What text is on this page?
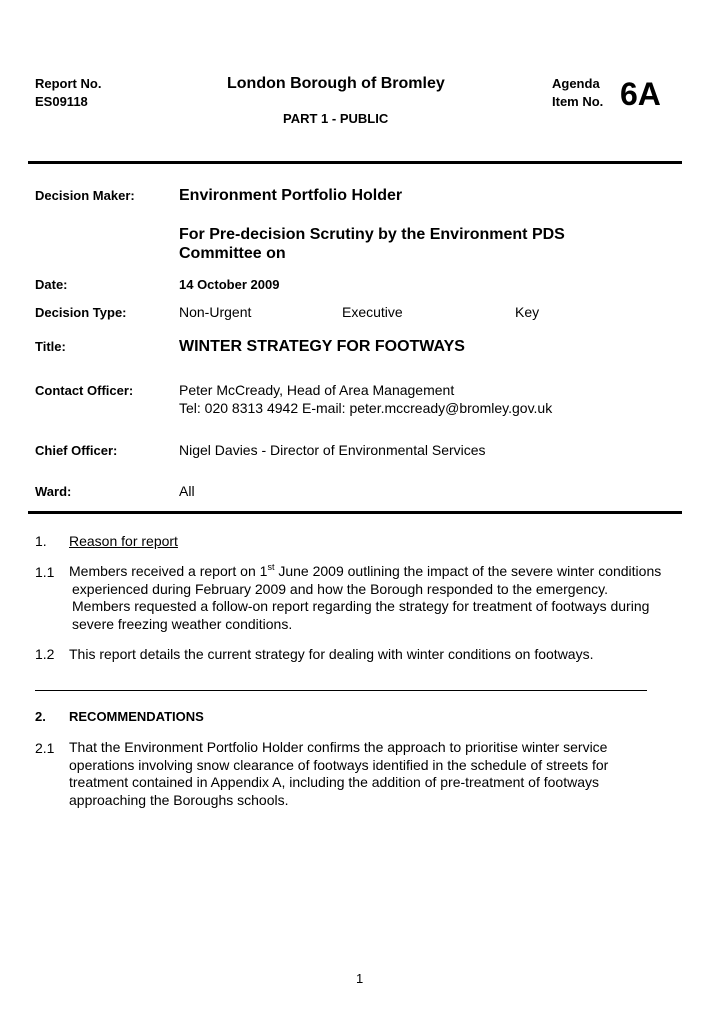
Report No.
ES09118
London Borough of Bromley
PART 1 - PUBLIC
Agenda
Item No. 6A
Decision Maker:	Environment Portfolio Holder
For Pre-decision Scrutiny by the Environment PDS
Committee on
Date:	14 October 2009
Decision Type:	Non-Urgent	Executive	Key
Title:	WINTER STRATEGY FOR FOOTWAYS
Contact Officer:	Peter McCready, Head of Area Management
Tel: 020 8313 4942 E-mail: peter.mccready@bromley.gov.uk
Chief Officer:	Nigel Davies - Director of Environmental Services
Ward:	All
1. Reason for report
1.1 Members received a report on 1st June 2009 outlining the impact of the severe winter conditions
experienced during February 2009 and how the Borough responded to the emergency.
Members requested a follow-on report regarding the strategy for treatment of footways during
severe freezing weather conditions.
1.2 This report details the current strategy for dealing with winter conditions on footways.
2. RECOMMENDATIONS
2.1 That the Environment Portfolio Holder confirms the approach to prioritise winter service
operations involving snow clearance of footways identified in the schedule of streets for
treatment contained in Appendix A, including the addition of pre-treatment of footways
approaching the Boroughs schools.
1
